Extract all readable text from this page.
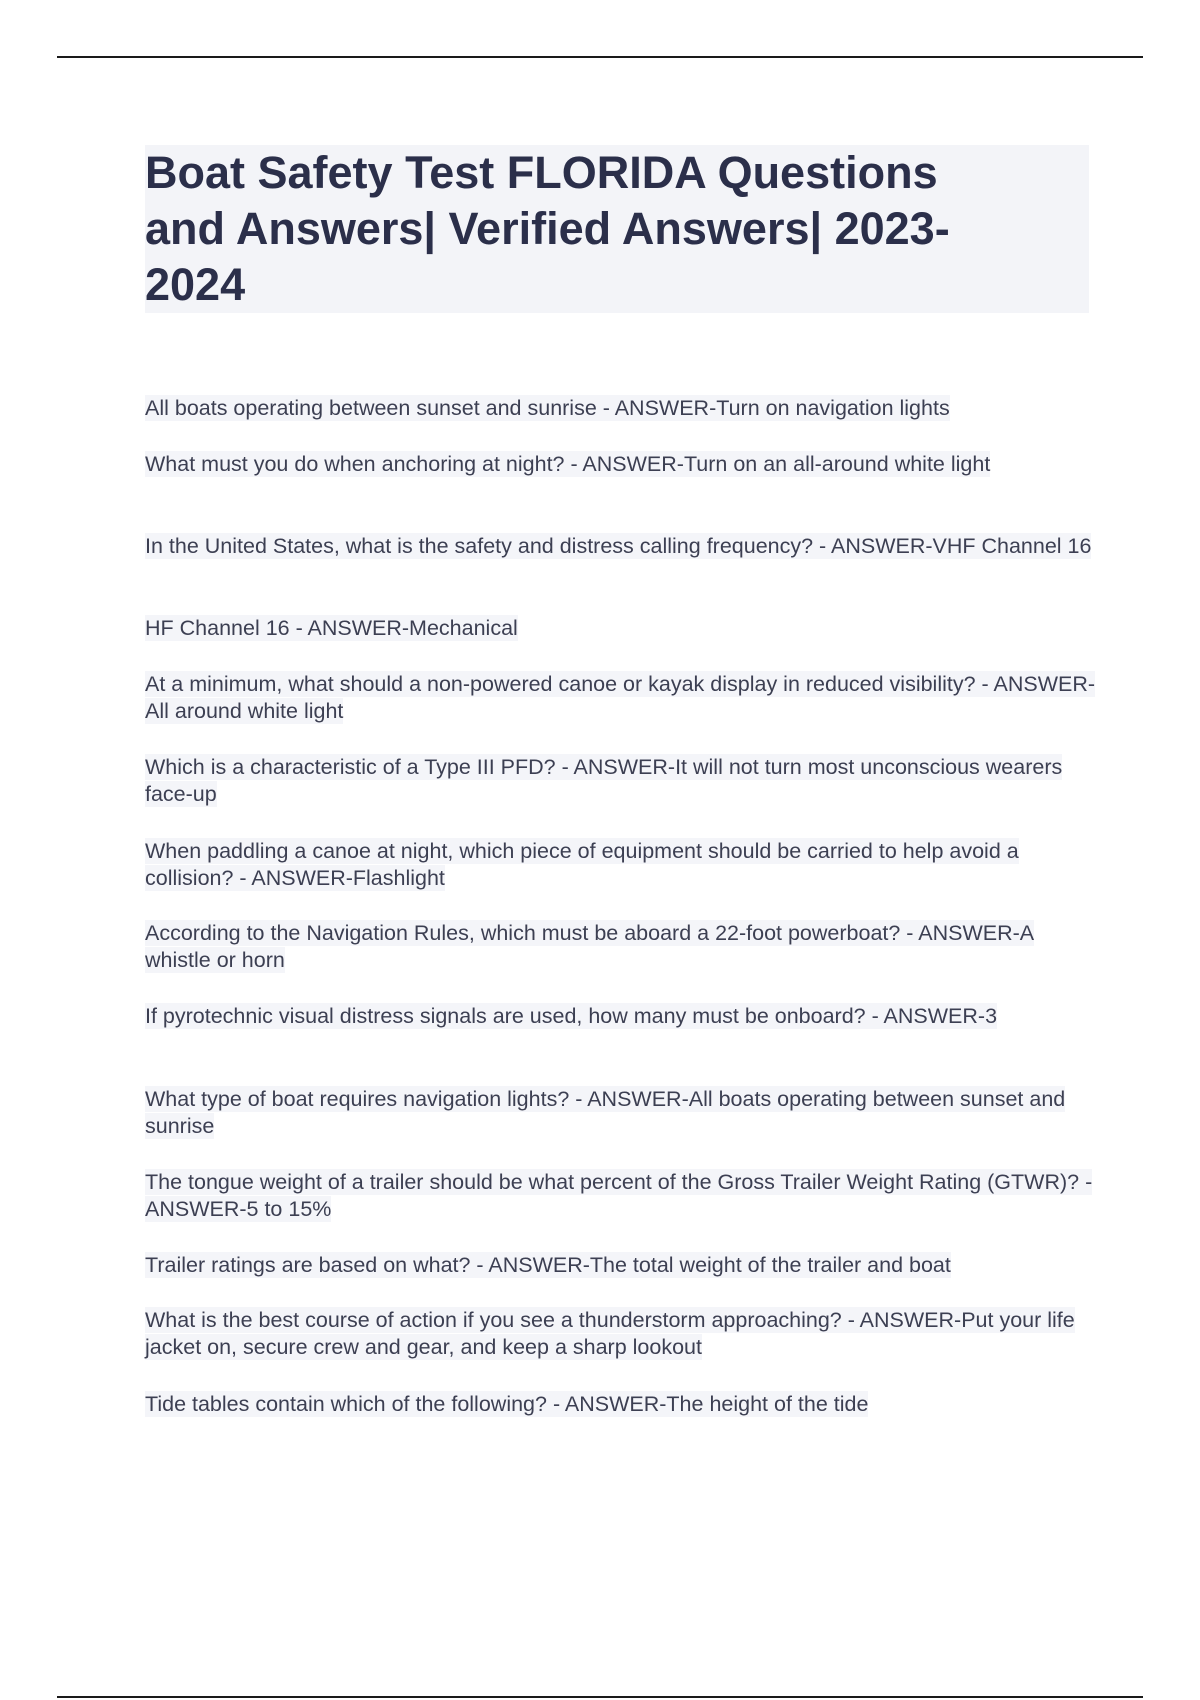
Boat Safety Test FLORIDA Questions
and Answers| Verified Answers| 2023-
2024

All boats operating between sunset and sunrise - ANSWER-Turn on navigation lights

What must you do when anchoring at night? - ANSWER-Turn on an all-around white light

In the United States, what is the safety and distress calling frequency? - ANSWER-VHF Channel 16

HF Channel 16 - ANSWER-Mechanical

At a minimum, what should a non-powered canoe or kayak display in reduced visibility? - ANSWER-All around white light

Which is a characteristic of a Type III PFD? - ANSWER-It will not turn most unconscious wearers face-up

When paddling a canoe at night, which piece of equipment should be carried to help avoid a collision? - ANSWER-Flashlight

According to the Navigation Rules, which must be aboard a 22-foot powerboat? - ANSWER-A whistle or horn

If pyrotechnic visual distress signals are used, how many must be onboard? - ANSWER-3

What type of boat requires navigation lights? - ANSWER-All boats operating between sunset and sunrise

The tongue weight of a trailer should be what percent of the Gross Trailer Weight Rating (GTWR)? - ANSWER-5 to 15%

Trailer ratings are based on what? - ANSWER-The total weight of the trailer and boat

What is the best course of action if you see a thunderstorm approaching? - ANSWER-Put your life jacket on, secure crew and gear, and keep a sharp lookout

Tide tables contain which of the following? - ANSWER-The height of the tide
